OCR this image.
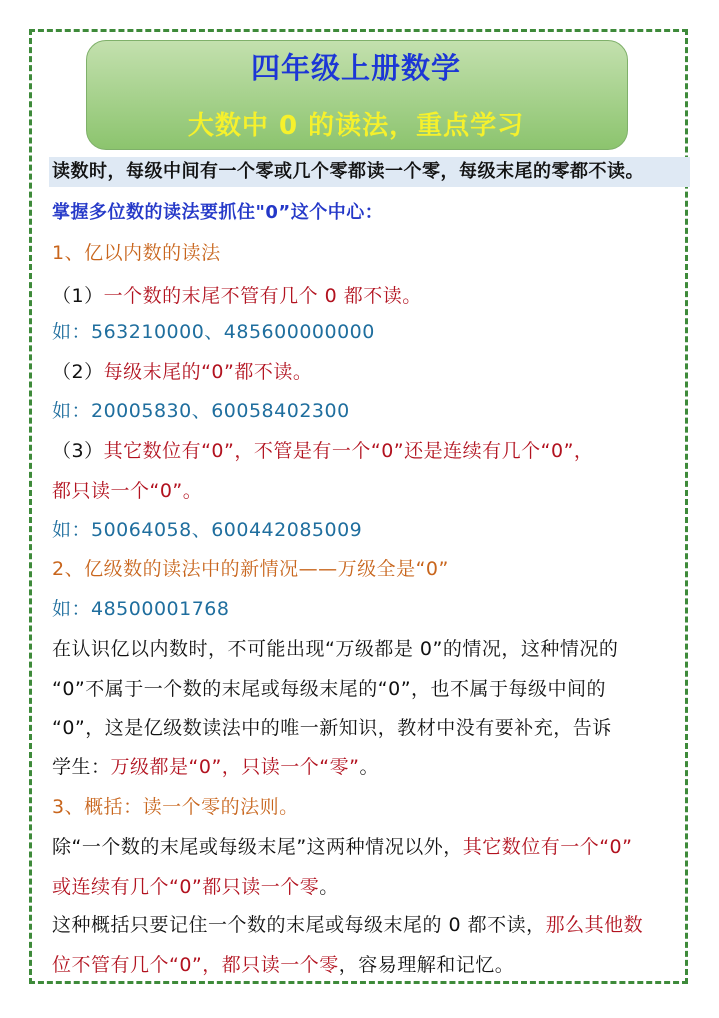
四年级上册数学
大数中 0 的读法，重点学习

读数时，每级中间有一个零或几个零都读一个零，每级末尾的零都不读。

掌握多位数的读法要抓住"0”这个中心：

1、亿以内数的读法

（1）一个数的末尾不管有几个 0 都不读。

如：563210000、485600000000

（2）每级末尾的“0”都不读。

如：20005830、60058402300

（3）其它数位有“0”，不管是有一个“0”还是连续有几个“0”，

都只读一个“0”。

如：50064058、600442085009

2、亿级数的读法中的新情况——万级全是“0”

如：48500001768

在认识亿以内数时，不可能出现“万级都是 0”的情况，这种情况的

“0”不属于一个数的末尾或每级末尾的“0”，也不属于每级中间的

“0”，这是亿级数读法中的唯一新知识，教材中没有要补充，告诉

学生：万级都是“0”，只读一个“零”。

3、概括：读一个零的法则。

除“一个数的末尾或每级末尾”这两种情况以外，其它数位有一个“0”

或连续有几个“0”都只读一个零。

这种概括只要记住一个数的末尾或每级末尾的 0 都不读，那么其他数

位不管有几个“0”，都只读一个零，容易理解和记忆。
